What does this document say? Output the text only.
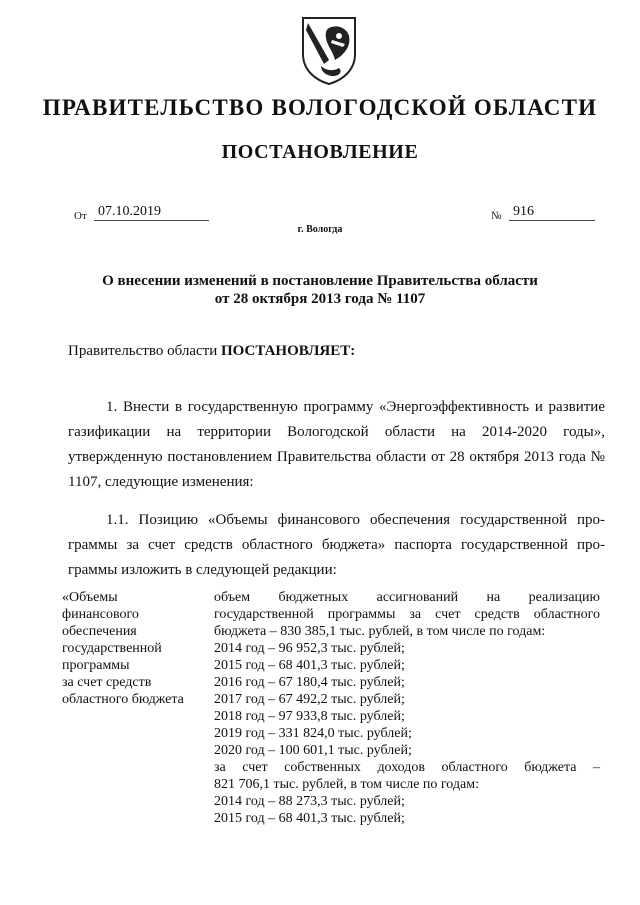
ПРАВИТЕЛЬСТВО ВОЛОГОДСКОЙ ОБЛАСТИ
ПОСТАНОВЛЕНИЕ
От 07.10.2019	№ 916
г. Вологда
О внесении изменений в постановление Правительства области
от 28 октября 2013 года № 1107
Правительство области ПОСТАНОВЛЯЕТ:
1. Внести в государственную программу «Энергоэффективность и развитие газификации на территории Вологодской области на 2014-2020 годы», утвержденную постановлением Правительства области от 28 октября 2013 года № 1107, следующие изменения:
1.1. Позицию «Объемы финансового обеспечения государственной про-граммы за счет средств областного бюджета» паспорта государственной про-граммы изложить в следующей редакции:
«Объемы
финансового
обеспечения
государственной
программы
за счет средств
областного бюджета
объем бюджетных ассигнований на реализацию
государственной программы за счет средств областного
бюджета – 830 385,1 тыс. рублей, в том числе по годам:
2014 год – 96 952,3 тыс. рублей;
2015 год – 68 401,3 тыс. рублей;
2016 год – 67 180,4 тыс. рублей;
2017 год – 67 492,2 тыс. рублей;
2018 год – 97 933,8 тыс. рублей;
2019 год – 331 824,0 тыс. рублей;
2020 год – 100 601,1 тыс. рублей;
за счет собственных доходов областного бюджета –
821 706,1 тыс. рублей, в том числе по годам:
2014 год – 88 273,3 тыс. рублей;
2015 год – 68 401,3 тыс. рублей;
